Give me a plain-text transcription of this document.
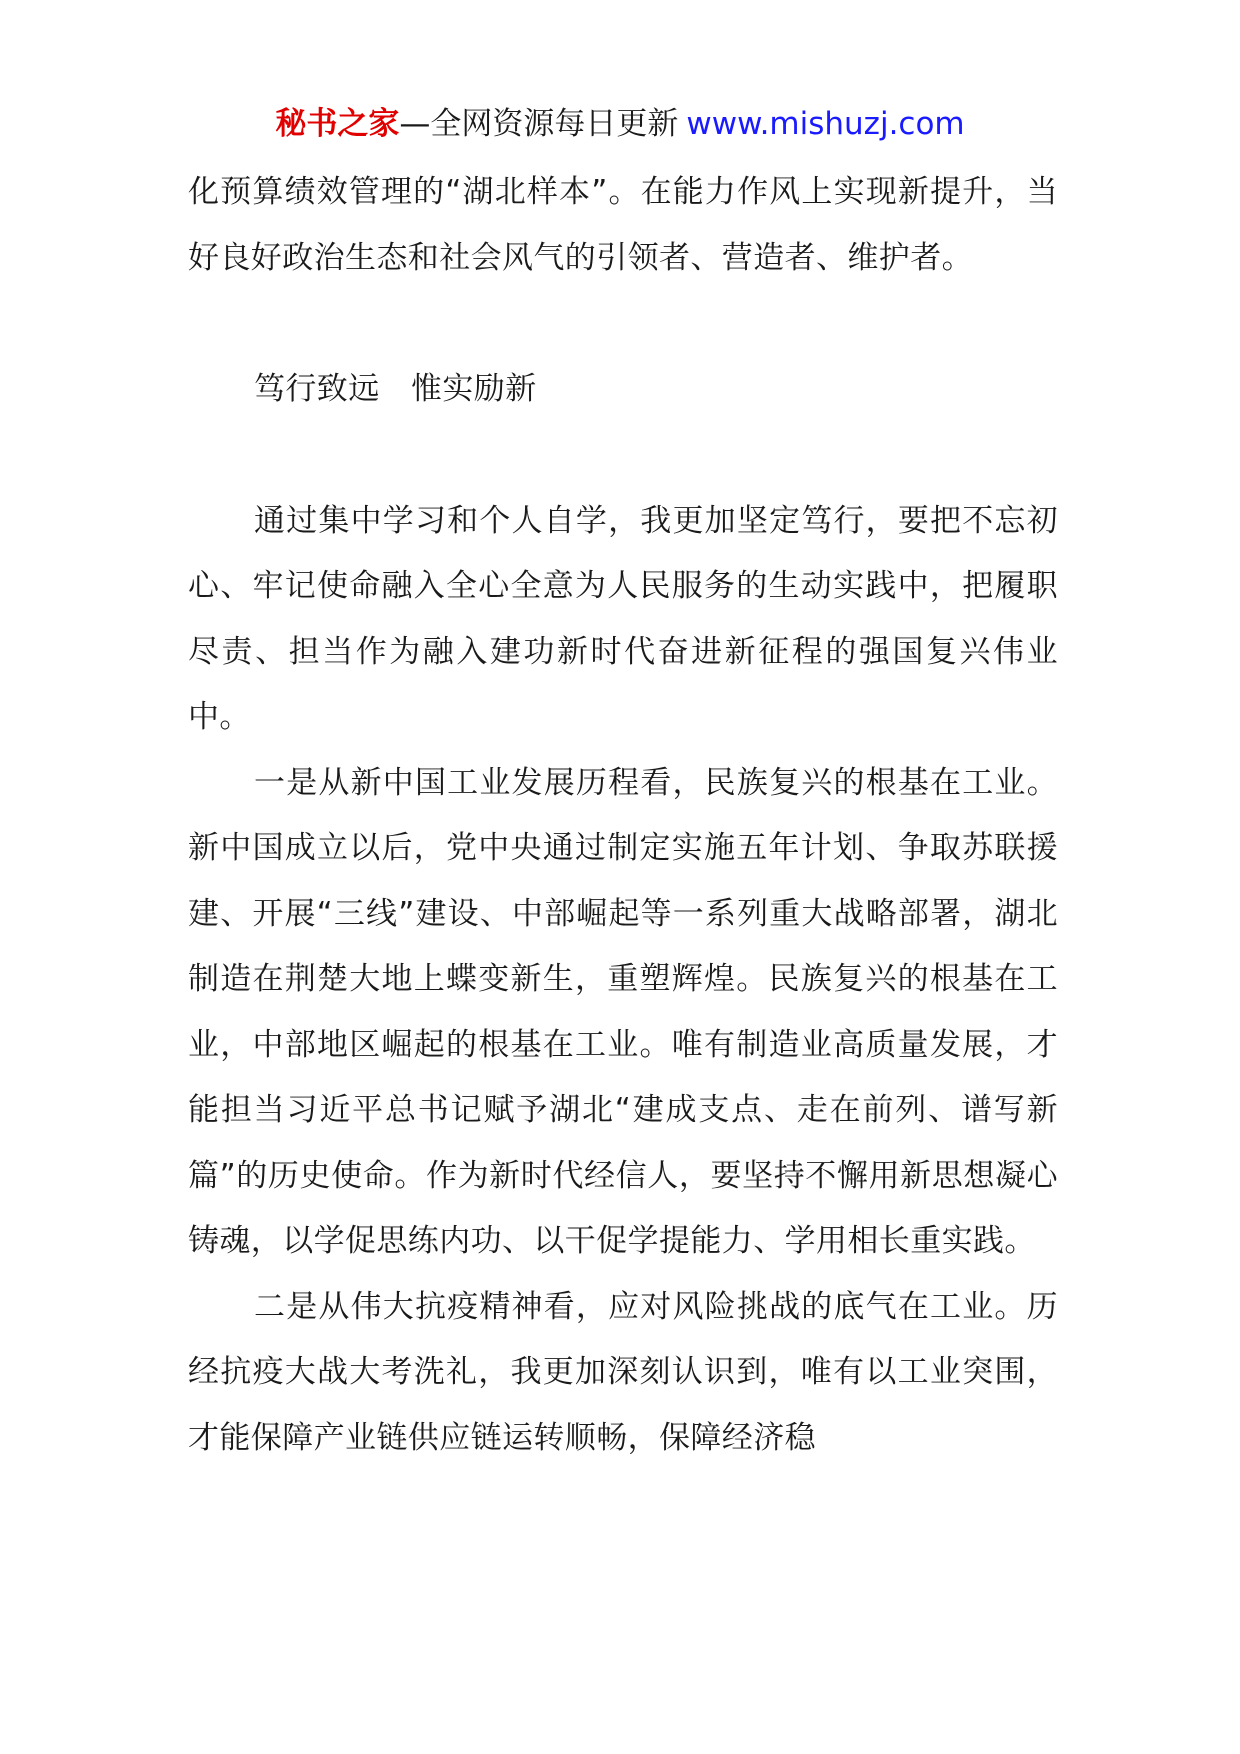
秘书之家—全网资源每日更新 www.mishuzj.com

化预算绩效管理的“湖北样本”。在能力作风上实现新提升，当好良好政治生态和社会风气的引领者、营造者、维护者。

笃行致远　惟实励新

通过集中学习和个人自学，我更加坚定笃行，要把不忘初心、牢记使命融入全心全意为人民服务的生动实践中，把履职尽责、担当作为融入建功新时代奋进新征程的强国复兴伟业中。

一是从新中国工业发展历程看，民族复兴的根基在工业。新中国成立以后，党中央通过制定实施五年计划、争取苏联援建、开展“三线”建设、中部崛起等一系列重大战略部署，湖北制造在荆楚大地上蝶变新生，重塑辉煌。民族复兴的根基在工业，中部地区崛起的根基在工业。唯有制造业高质量发展，才能担当习近平总书记赋予湖北“建成支点、走在前列、谱写新篇”的历史使命。作为新时代经信人，要坚持不懈用新思想凝心铸魂，以学促思练内功、以干促学提能力、学用相长重实践。

二是从伟大抗疫精神看，应对风险挑战的底气在工业。历经抗疫大战大考洗礼，我更加深刻认识到，唯有以工业突围，才能保障产业链供应链运转顺畅，保障经济稳
